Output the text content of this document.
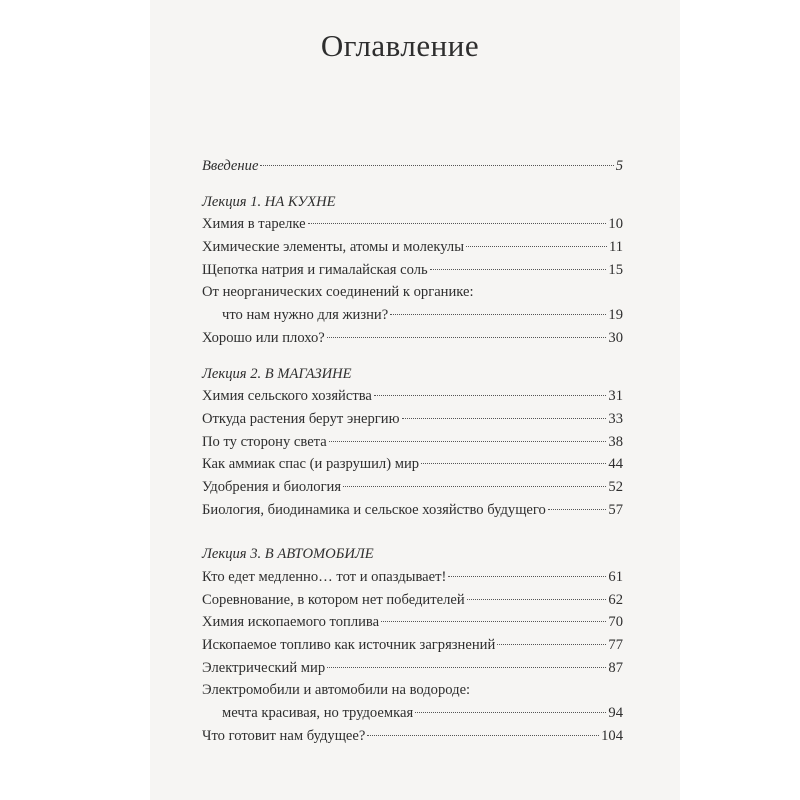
Оглавление
Введение	5
Лекция 1. НА КУХНЕ
Химия в тарелке	10
Химические элементы, атомы и молекулы	11
Щепотка натрия и гималайская соль	15
От неорганических соединений к органике:
что нам нужно для жизни?	19
Хорошо или плохо?	30
Лекция 2. В МАГАЗИНЕ
Химия сельского хозяйства	31
Откуда растения берут энергию	33
По ту сторону света	38
Как аммиак спас (и разрушил) мир	44
Удобрения и биология	52
Биология, биодинамика и сельское хозяйство будущего	57
Лекция 3. В АВТОМОБИЛЕ
Кто едет медленно… тот и опаздывает!	61
Соревнование, в котором нет победителей	62
Химия ископаемого топлива	70
Ископаемое топливо как источник загрязнений	77
Электрический мир	87
Электромобили и автомобили на водороде:
мечта красивая, но трудоемкая	94
Что готовит нам будущее?	104
